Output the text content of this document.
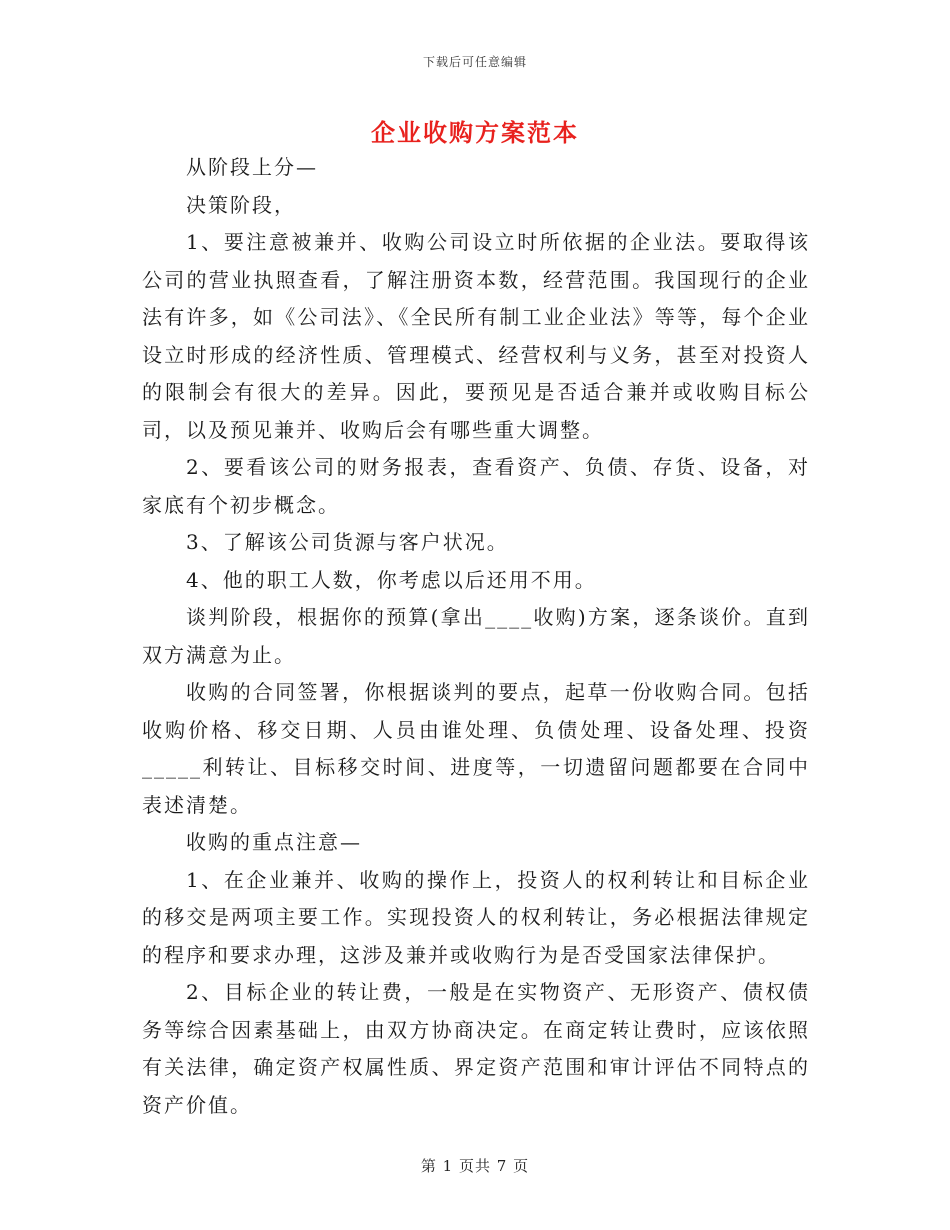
下载后可任意编辑
企业收购方案范本

从阶段上分—

决策阶段，

1、要注意被兼并、收购公司设立时所依据的企业法。要取得该公司的营业执照查看，了解注册资本数，经营范围。我国现行的企业法有许多，如《公司法》、《全民所有制工业企业法》等等，每个企业设立时形成的经济性质、管理模式、经营权利与义务，甚至对投资人的限制会有很大的差异。因此，要预见是否适合兼并或收购目标公司，以及预见兼并、收购后会有哪些重大调整。

2、要看该公司的财务报表，查看资产、负债、存货、设备，对家底有个初步概念。

3、了解该公司货源与客户状况。

4、他的职工人数，你考虑以后还用不用。

谈判阶段，根据你的预算(拿出____收购)方案，逐条谈价。直到双方满意为止。

收购的合同签署，你根据谈判的要点，起草一份收购合同。包括收购价格、移交日期、人员由谁处理、负债处理、设备处理、投资_____利转让、目标移交时间、进度等，一切遗留问题都要在合同中表述清楚。

收购的重点注意—

1、在企业兼并、收购的操作上，投资人的权利转让和目标企业的移交是两项主要工作。实现投资人的权利转让，务必根据法律规定的程序和要求办理，这涉及兼并或收购行为是否受国家法律保护。

2、目标企业的转让费，一般是在实物资产、无形资产、债权债务等综合因素基础上，由双方协商决定。在商定转让费时，应该依照有关法律，确定资产权属性质、界定资产范围和审计评估不同特点的资产价值。

第 1 页共 7 页
